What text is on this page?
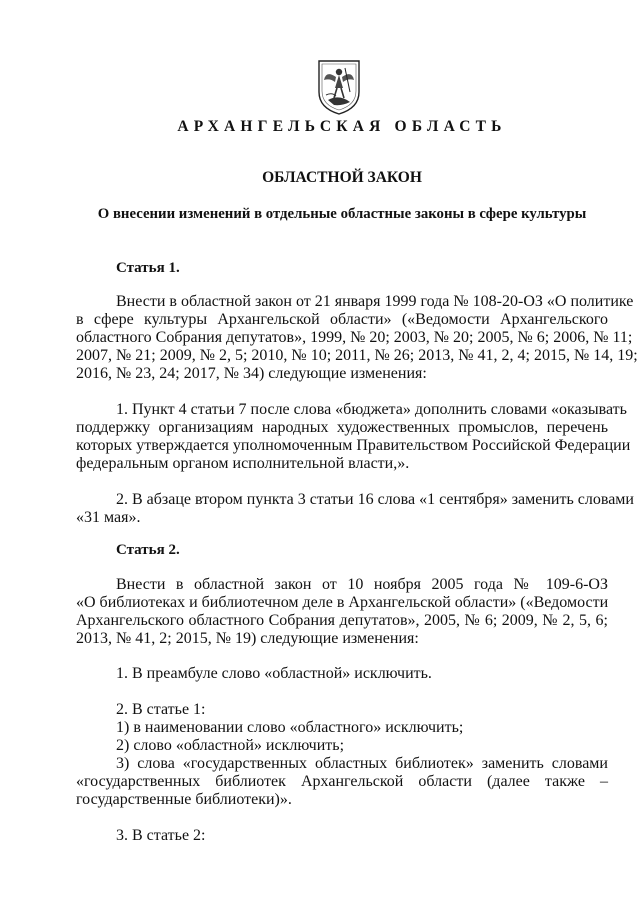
АРХАНГЕЛЬСКАЯ ОБЛАСТЬ
ОБЛАСТНОЙ ЗАКОН
О внесении изменений в отдельные областные законы в сфере культуры
Статья 1.
Внести в областной закон от 21 января 1999 года № 108-20-ОЗ «О политике
в сфере культуры Архангельской области» («Ведомости Архангельского
областного Собрания депутатов», 1999, № 20; 2003, № 20; 2005, № 6; 2006, № 11;
2007, № 21; 2009, № 2, 5; 2010, № 10; 2011, № 26; 2013, № 41, 2, 4; 2015, № 14, 19;
2016, № 23, 24; 2017, № 34) следующие изменения:
1. Пункт 4 статьи 7 после слова «бюджета» дополнить словами «оказывать
поддержку организациям народных художественных промыслов, перечень
которых утверждается уполномоченным Правительством Российской Федерации
федеральным органом исполнительной власти,».
2. В абзаце втором пункта 3 статьи 16 слова «1 сентября» заменить словами
«31 мая».
Статья 2.
Внести в областной закон от 10 ноября 2005 года № 109-6-ОЗ
«О библиотеках и библиотечном деле в Архангельской области» («Ведомости
Архангельского областного Собрания депутатов», 2005, № 6; 2009, № 2, 5, 6;
2013, № 41, 2; 2015, № 19) следующие изменения:
1. В преамбуле слово «областной» исключить.
2. В статье 1:
1) в наименовании слово «областного» исключить;
2) слово «областной» исключить;
3) слова «государственных областных библиотек» заменить словами
«государственных библиотек Архангельской области (далее также –
государственные библиотеки)».
3. В статье 2:
